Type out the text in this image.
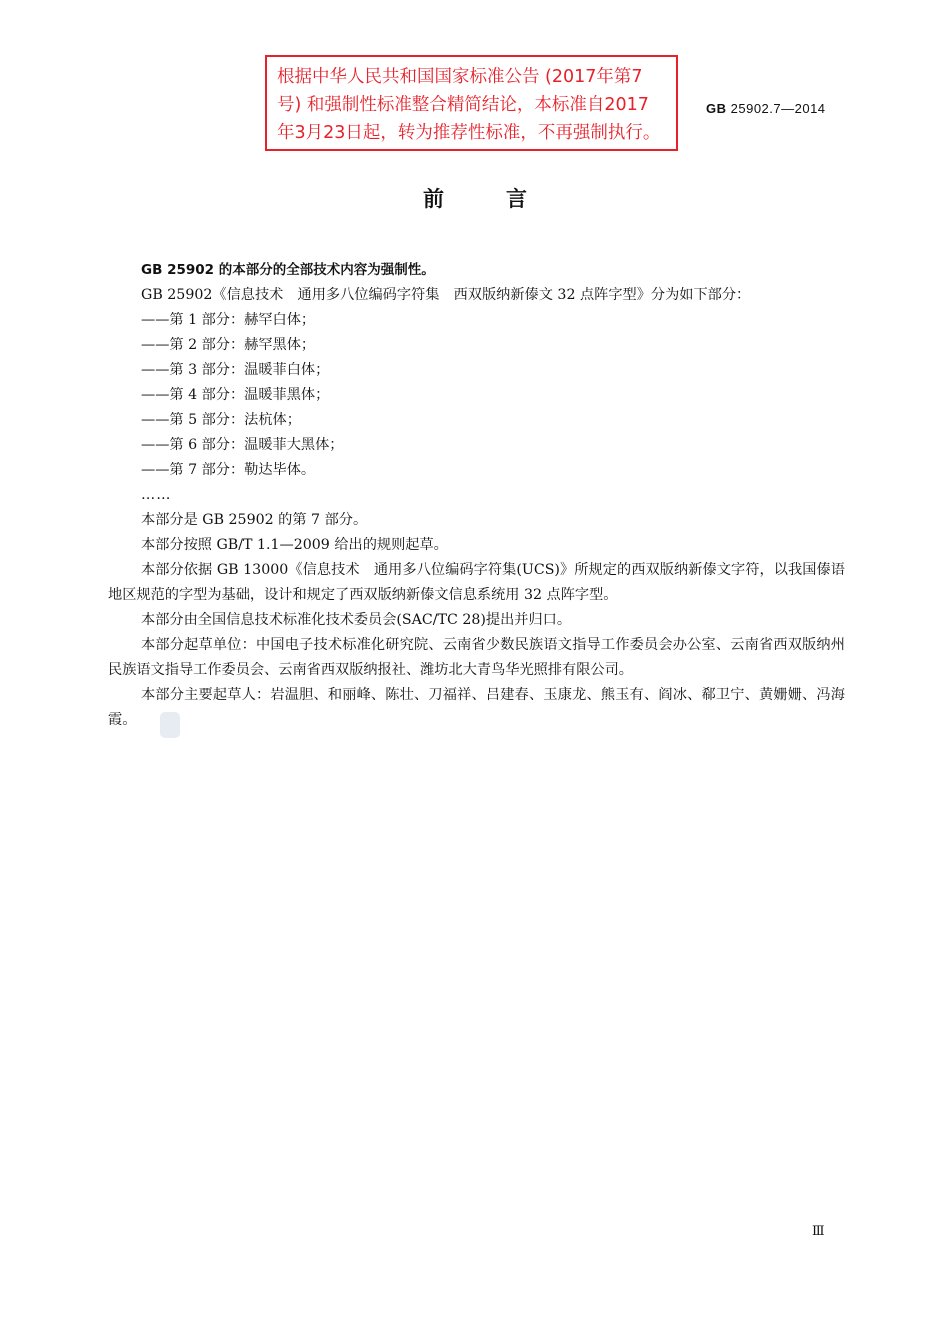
根据中华人民共和国国家标准公告 (2017年第7
号) 和强制性标准整合精简结论，本标准自2017
年3月23日起，转为推荐性标准，不再强制执行。
GB 25902.7—2014
前言

GB 25902 的本部分的全部技术内容为强制性。

GB 25902《信息技术　通用多八位编码字符集　西双版纳新傣文 32 点阵字型》分为如下部分：

——第 1 部分：赫罕白体；

——第 2 部分：赫罕黑体；

——第 3 部分：温暖菲白体；

——第 4 部分：温暖菲黑体；

——第 5 部分：法杭体；

——第 6 部分：温暖菲大黑体；

——第 7 部分：勒达毕体。

……

本部分是 GB 25902 的第 7 部分。

本部分按照 GB/T 1.1—2009 给出的规则起草。

本部分依据 GB 13000《信息技术　通用多八位编码字符集(UCS)》所规定的西双版纳新傣文字符，以我国傣语地区规范的字型为基础，设计和规定了西双版纳新傣文信息系统用 32 点阵字型。

本部分由全国信息技术标准化技术委员会(SAC/TC 28)提出并归口。

本部分起草单位：中国电子技术标准化研究院、云南省少数民族语文指导工作委员会办公室、云南省西双版纳州民族语文指导工作委员会、云南省西双版纳报社、潍坊北大青鸟华光照排有限公司。

本部分主要起草人：岩温胆、和丽峰、陈壮、刀福祥、吕建春、玉康龙、熊玉有、阎冰、郗卫宁、黄姗姗、冯海霞。

Ⅲ
